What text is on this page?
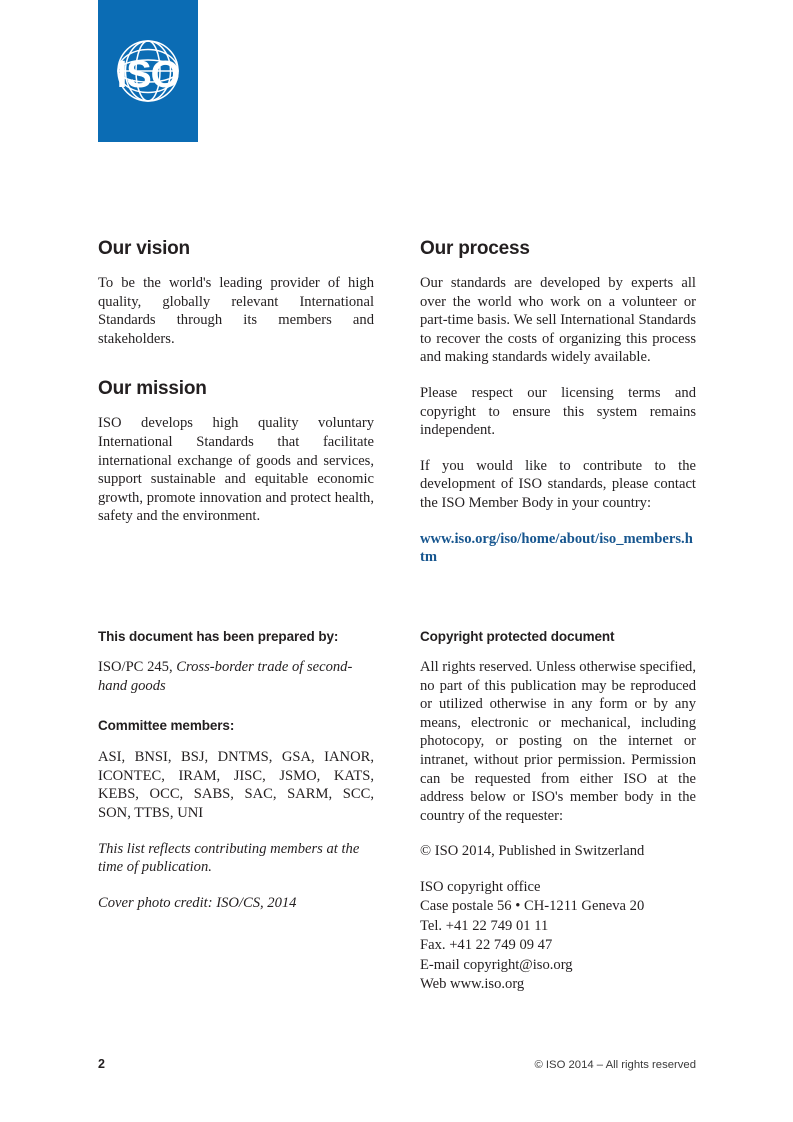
ISO
Our vision

To be the world's leading provider of high quality, globally relevant International Standards through its members and stakeholders.

Our mission

ISO develops high quality voluntary International Standards that facilitate international exchange of goods and services, support sustainable and equitable economic growth, promote innovation and protect health, safety and the environment.

Our process

Our standards are developed by experts all over the world who work on a volunteer or part-time basis. We sell International Standards to recover the costs of organizing this process and making standards widely available.

Please respect our licensing terms and copyright to ensure this system remains independent.

If you would like to contribute to the development of ISO standards, please contact the ISO Member Body in your country:

www.iso.org/iso/home/about/iso_members.htm
This document has been prepared by:

ISO/PC 245, Cross-border trade of second-hand goods

Committee members:

ASI, BNSI, BSJ, DNTMS, GSA, IANOR, ICONTEC, IRAM, JISC, JSMO, KATS, KEBS, OCC, SABS, SAC, SARM, SCC, SON, TTBS, UNI

This list reflects contributing members at the time of publication.

Cover photo credit: ISO/CS, 2014

Copyright protected document

All rights reserved. Unless otherwise specified, no part of this publication may be reproduced or utilized otherwise in any form or by any means, electronic or mechanical, including photocopy, or posting on the internet or intranet, without prior permission. Permission can be requested from either ISO at the address below or ISO's member body in the country of the requester:

© ISO 2014, Published in Switzerland

ISO copyright office
Case postale 56 • CH-1211 Geneva 20
Tel. +41 22 749 01 11
Fax. +41 22 749 09 47
E-mail copyright@iso.org
Web www.iso.org
2	© ISO 2014 – All rights reserved
